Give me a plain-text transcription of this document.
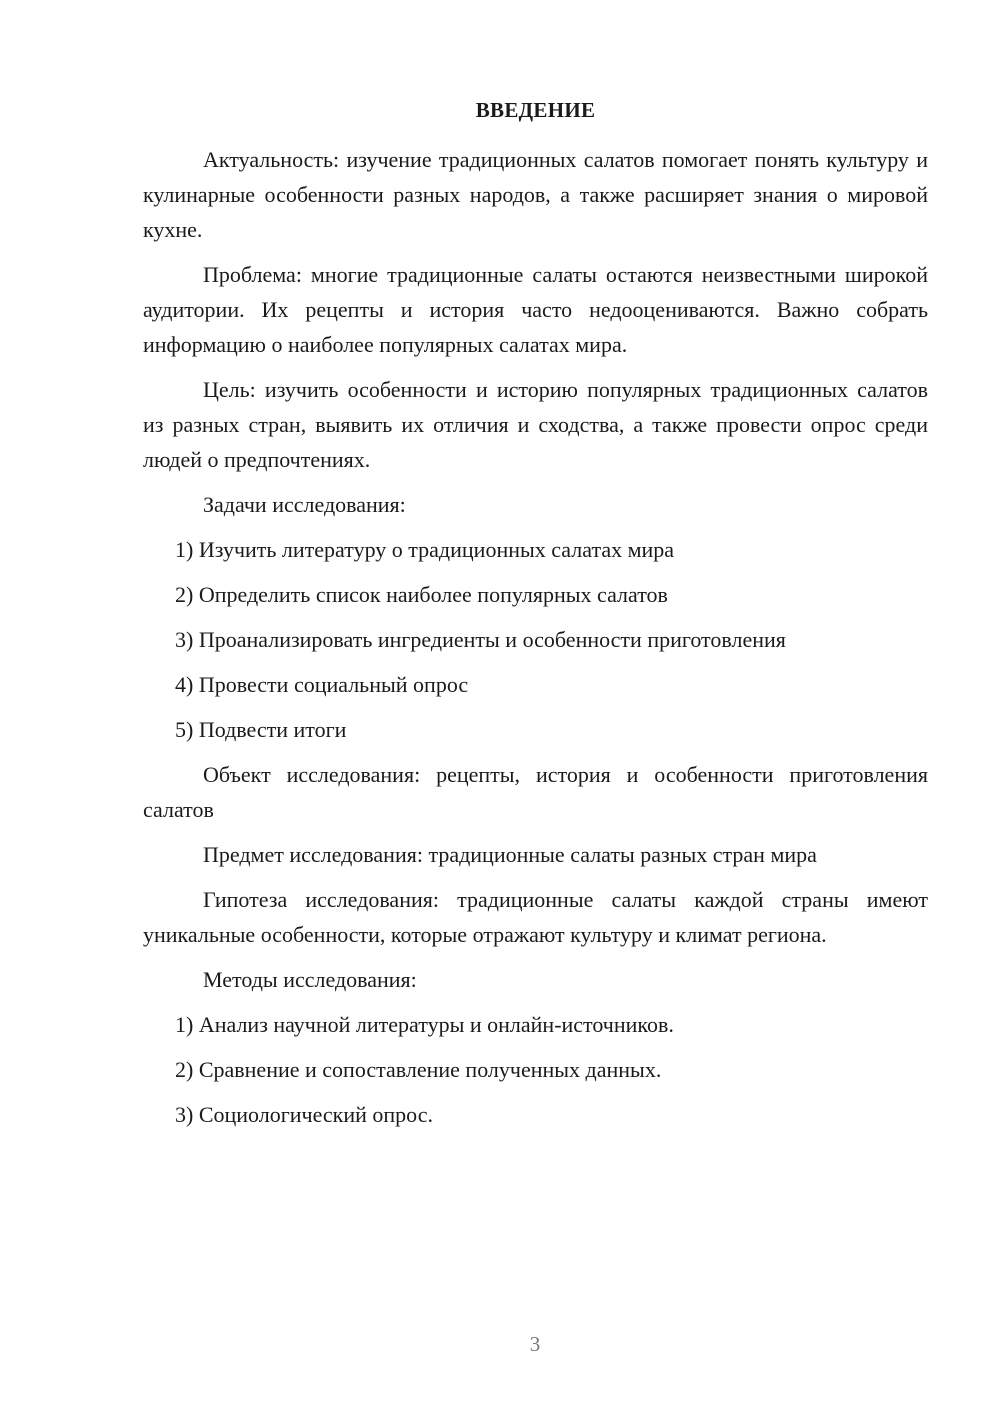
ВВЕДЕНИЕ

Актуальность: изучение традиционных салатов помогает понять культуру и кулинарные особенности разных народов, а также расширяет знания о мировой кухне.

Проблема: многие традиционные салаты остаются неизвестными широкой аудитории. Их рецепты и история часто недооцениваются. Важно собрать информацию о наиболее популярных салатах мира.

Цель: изучить особенности и историю популярных традиционных салатов из разных стран, выявить их отличия и сходства, а также провести опрос среди людей о предпочтениях.

Задачи исследования:

1) Изучить литературу о традиционных салатах мира
2) Определить список наиболее популярных салатов
3) Проанализировать ингредиенты и особенности приготовления
4) Провести социальный опрос
5) Подвести итоги

Объект исследования: рецепты, история и особенности приготовления салатов

Предмет исследования: традиционные салаты разных стран мира

Гипотеза исследования: традиционные салаты каждой страны имеют уникальные особенности, которые отражают культуру и климат региона.

Методы исследования:

1) Анализ научной литературы и онлайн-источников.
2) Сравнение и сопоставление полученных данных.
3) Социологический опрос.
3
